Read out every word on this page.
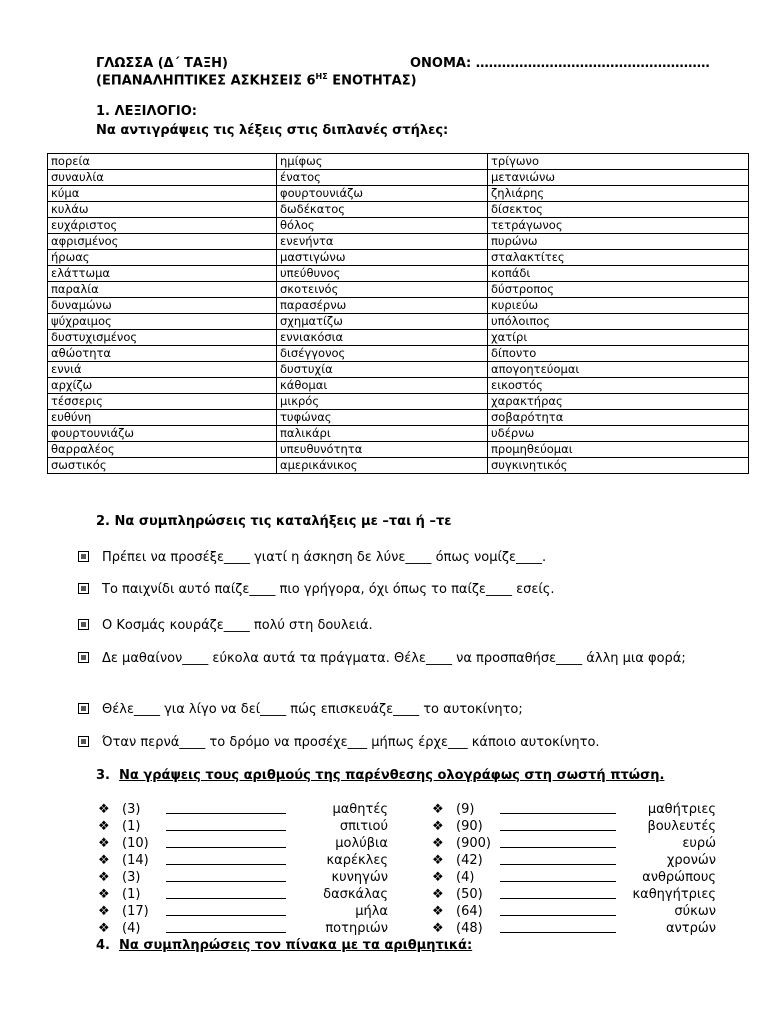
ΓΛΩΣΣΑ (Δ΄ ΤΑΞΗ)	ΟΝΟΜΑ: ………………………………………………
(ΕΠΑΝΑΛΗΠΤΙΚΕΣ ΑΣΚΗΣΕΙΣ $6^{H\Sigma}$ ΕΝΟΤΗΤΑΣ)
1. ΛΕΞΙΛΟΓΙΟ:
Να αντιγράψεις τις λέξεις στις διπλανές στήλες:
πορεία	ημίφως	τρίγωνο
συναυλία	ένατος	μετανιώνω
κύμα	φουρτουνιάζω	ζηλιάρης
κυλάω	δωδέκατος	δίσεκτος
ευχάριστος	θόλος	τετράγωνος
αφρισμένος	ενενήντα	πυρώνω
ήρωας	μαστιγώνω	σταλακτίτες
ελάττωμα	υπεύθυνος	κοπάδι
παραλία	σκοτεινός	δύστροπος
δυναμώνω	παρασέρνω	κυριεύω
ψύχραιμος	σχηματίζω	υπόλοιπος
δυστυχισμένος	εννιακόσια	χατίρι
αθώοτητα	δισέγγονος	δίποντο
εννιά	δυστυχία	απογοητεύομαι
αρχίζω	κάθομαι	εικοστός
τέσσερις	μικρός	χαρακτήρας
ευθύνη	τυφώνας	σοβαρότητα
φουρτουνιάζω	παλικάρι	υδέρνω
θαρραλέος	υπευθυνότητα	προμηθεύομαι
σωστικός	αμερικάνικος	συγκινητικός
2. Να συμπληρώσεις τις καταλήξεις με –ται ή –τε
Πρέπει να προσέξε____ γιατί η άσκηση δε λύνε____ όπως νομίζε____.
Το παιχνίδι αυτό παίζε____ πιο γρήγορα, όχι όπως το παίζε____ εσείς.
Ο Κοσμάς κουράζε____ πολύ στη δουλειά.
Δε μαθαίνον____ εύκολα αυτά τα πράγματα. Θέλε____ να προσπαθήσε____ άλλη μια φορά;
Θέλε____ για λίγο να δεί____ πώς επισκευάζε____ το αυτοκίνητο;
Όταν περνά____ το δρόμο να προσέχε___ μήπως έρχε___ κάποιο αυτοκίνητο.
3.  Να γράψεις τους αριθμούς της παρένθεσης ολογράφως στη σωστή πτώση.
❖ (3)	μαθητές
❖ (1)	σπιτιού
❖ (10)	μολύβια
❖ (14)	καρέκλες
❖ (3)	κυνηγών
❖ (1)	δασκάλας
❖ (17)	μήλα
❖ (4)	ποτηριών
❖ (9)	μαθήτριες
❖ (90)	βουλευτές
❖ (900)	ευρώ
❖ (42)	χρονών
❖ (4)	ανθρώπους
❖ (50)	καθηγήτριες
❖ (64)	σύκων
❖ (48)	αντρών
4. Να συμπληρώσεις τον πίνακα με τα αριθμητικά:
